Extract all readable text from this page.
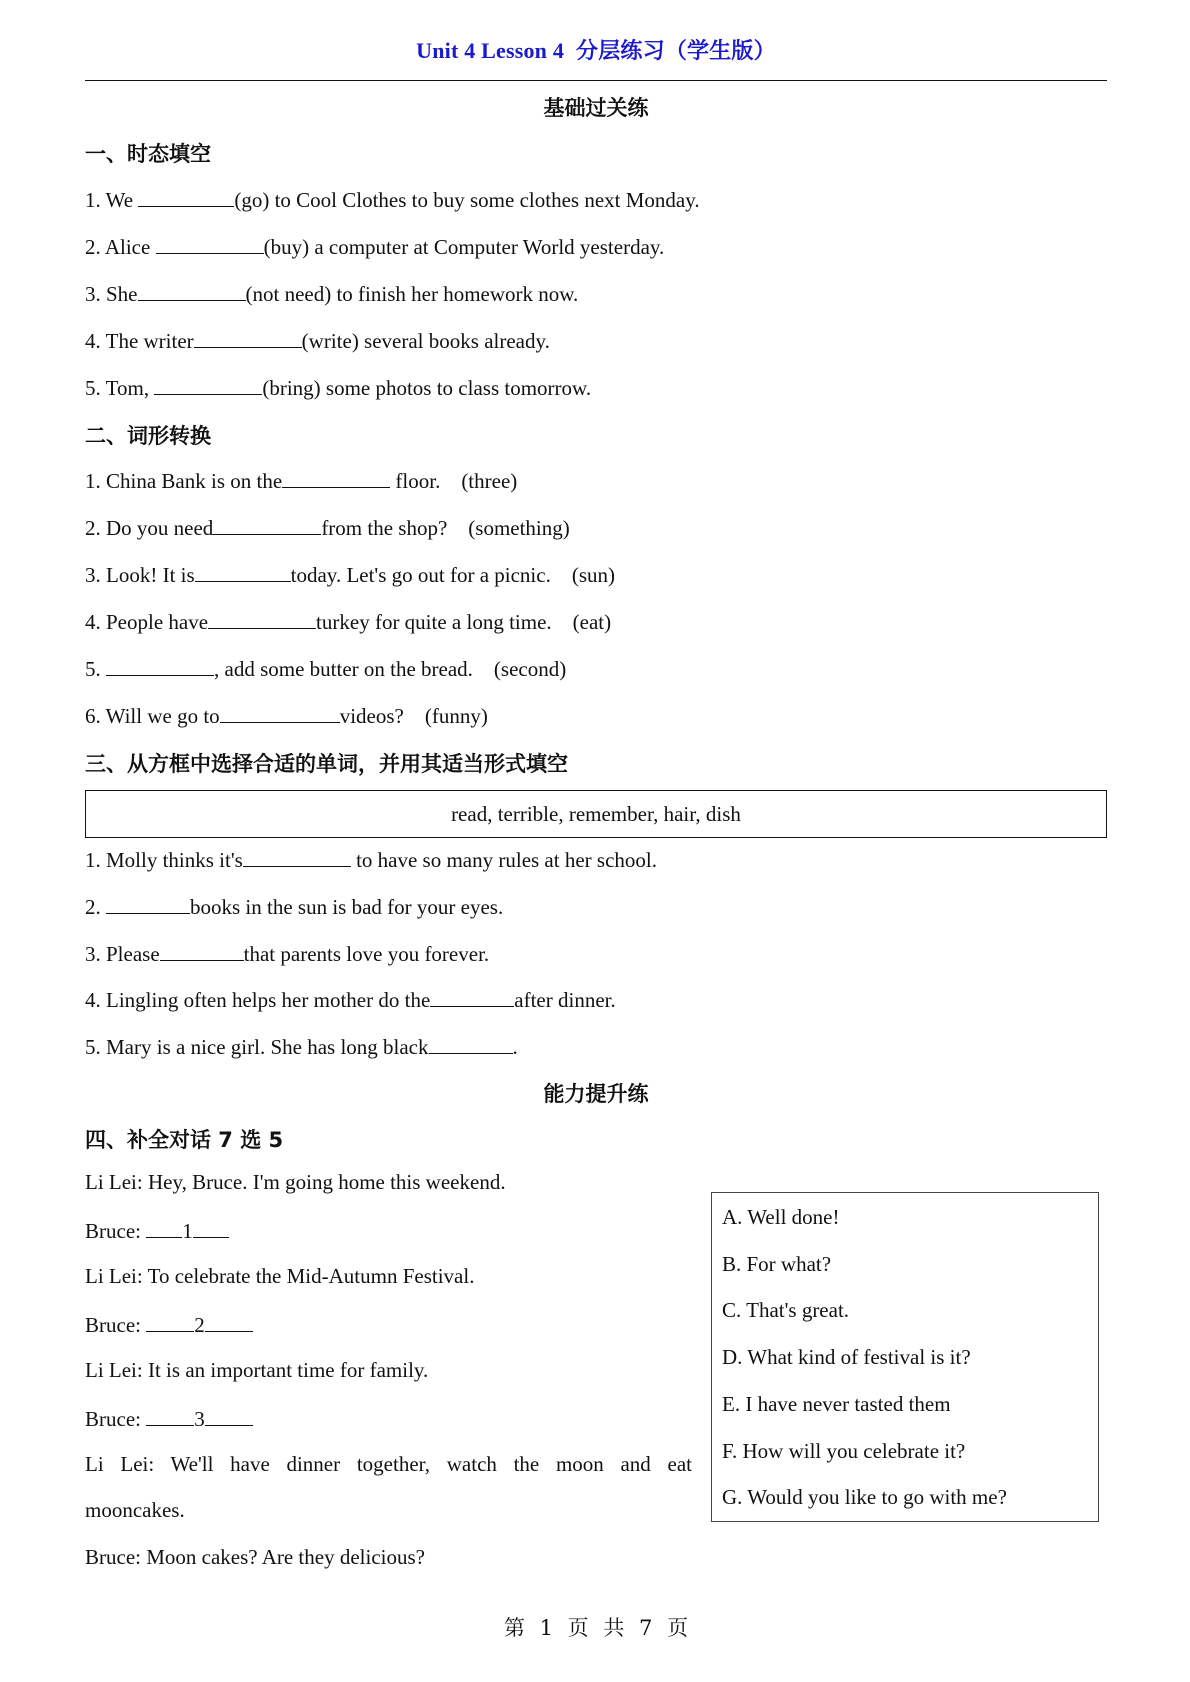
Unit 4 Lesson 4 分层练习（学生版）
基础过关练
一、时态填空
1. We	(go) to Cool Clothes to buy some clothes next Monday.
2. Alice	(buy) a computer at Computer World yesterday.
3. She	(not need) to finish her homework now.
4. The writer	(write) several books already.
5. Tom,	(bring) some photos to class tomorrow.
二、词形转换
1. China Bank is on the	floor.    (three)
2. Do you need	from the shop?    (something)
3. Look! It is	today. Let's go out for a picnic.    (sun)
4. People have	turkey for quite a long time.    (eat)
5.	, add some butter on the bread.    (second)
6. Will we go to	videos?    (funny)
三、从方框中选择合适的单词，并用其适当形式填空
read, terrible, remember, hair, dish
1. Molly thinks it's	to have so many rules at her school.
2.	books in the sun is bad for your eyes.
3. Please	that parents love you forever.
4. Lingling often helps her mother do the	after dinner.
5. Mary is a nice girl. She has long black	.
能力提升练
四、补全对话 7 选 5
Li Lei: Hey, Bruce. I'm going home this weekend.
Bruce: 1
Li Lei: To celebrate the Mid-Autumn Festival.
Bruce: 2
Li Lei: It is an important time for family.
Bruce: 3
Li Lei: We'll have dinner together, watch the moon and eat
mooncakes.
Bruce: Moon cakes? Are they delicious?
A. Well done!
B. For what?
C. That's great.
D. What kind of festival is it?
E. I have never tasted them
F. How will you celebrate it?
G. Would you like to go with me?
第 1 页 共 7 页
